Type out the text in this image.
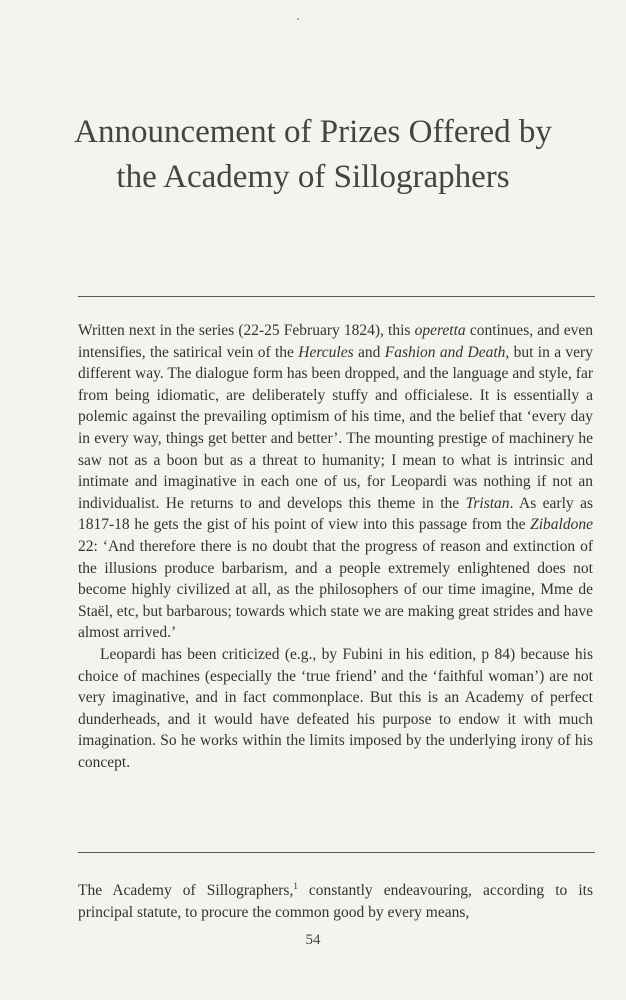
Announcement of Prizes Offered by the Academy of Sillographers

Written next in the series (22-25 February 1824), this operetta continues, and even intensifies, the satirical vein of the Hercules and Fashion and Death, but in a very different way. The dialogue form has been dropped, and the language and style, far from being idiomatic, are deliberately stuffy and officialese. It is essentially a polemic against the prevailing optimism of his time, and the belief that ‘every day in every way, things get better and better’. The mounting prestige of machinery he saw not as a boon but as a threat to humanity; I mean to what is intrinsic and intimate and imaginative in each one of us, for Leopardi was nothing if not an individualist. He returns to and develops this theme in the Tristan. As early as 1817-18 he gets the gist of his point of view into this passage from the Zibaldone 22: ‘And therefore there is no doubt that the progress of reason and extinction of the illusions produce barbarism, and a people extremely enlightened does not become highly civilized at all, as the philosophers of our time imagine, Mme de Staël, etc, but barbarous; towards which state we are making great strides and have almost arrived.’

Leopardi has been criticized (e.g., by Fubini in his edition, p 84) because his choice of machines (especially the ‘true friend’ and the ‘faithful woman’) are not very imaginative, and in fact commonplace. But this is an Academy of perfect dunderheads, and it would have defeated his purpose to endow it with much imagination. So he works within the limits imposed by the underlying irony of his concept.

The Academy of Sillographers,$^1$ constantly endeavouring, according to its principal statute, to procure the common good by every means,

54
